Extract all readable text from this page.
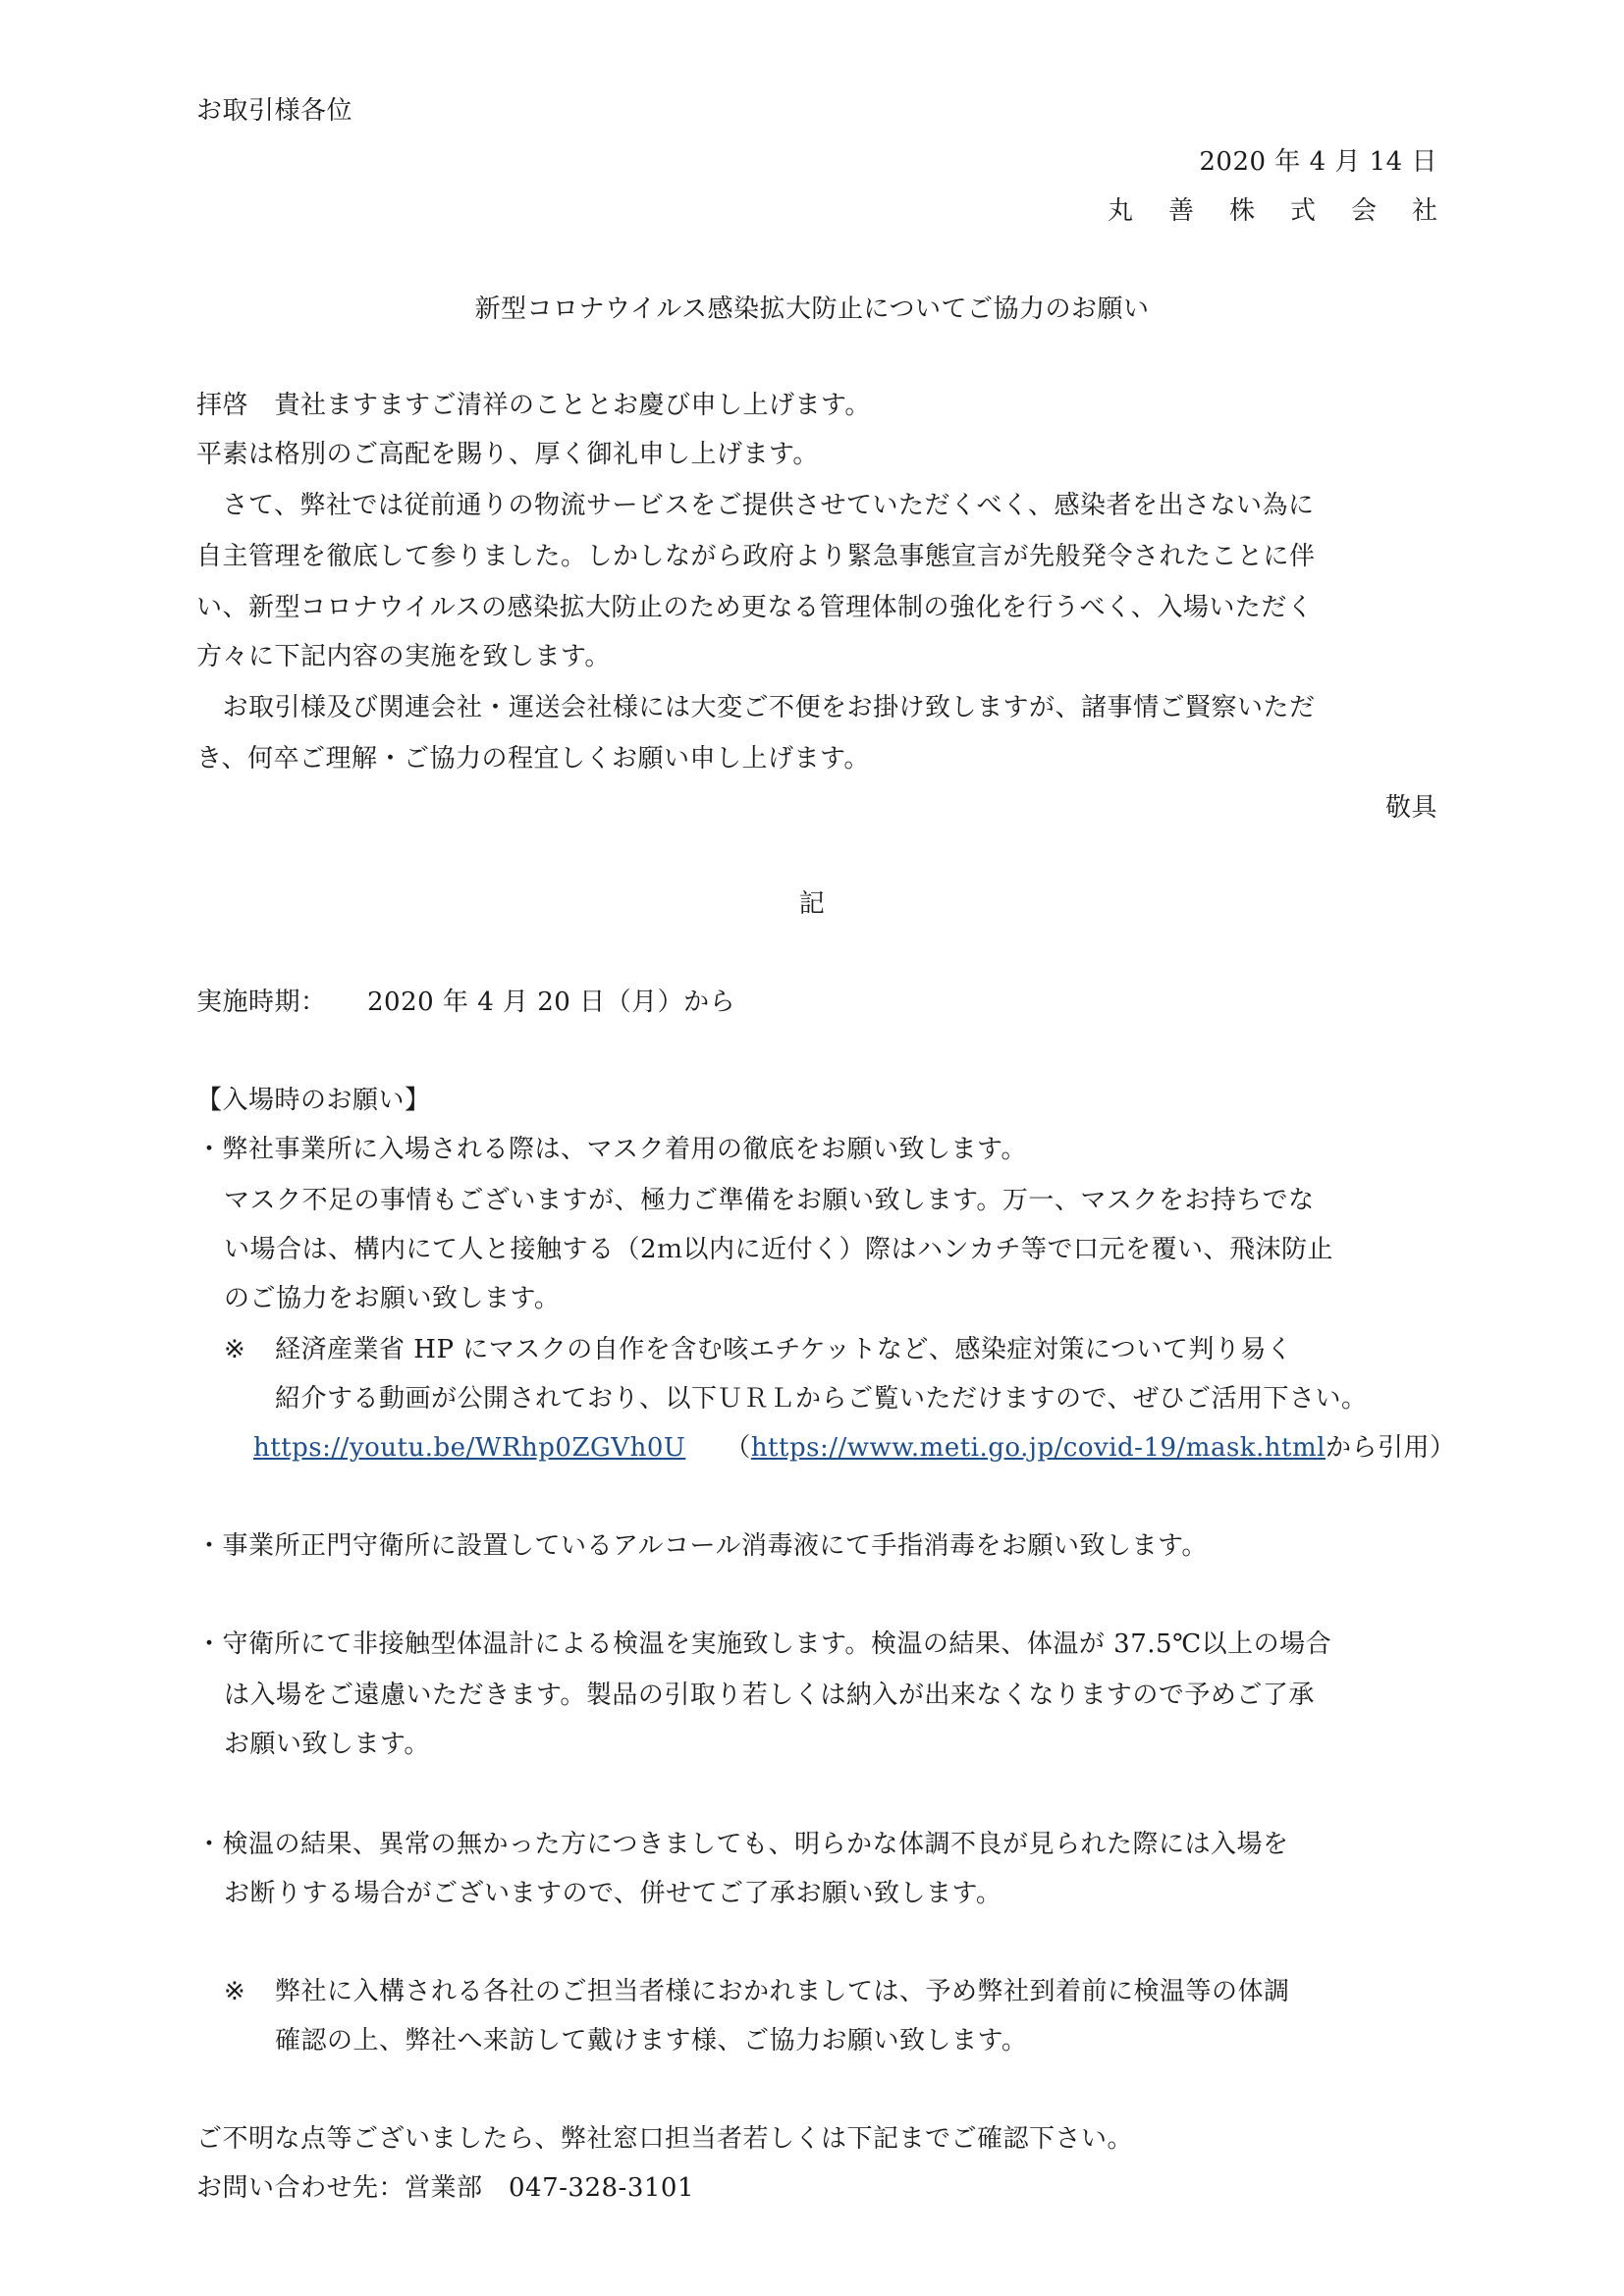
お取引様各位
2020 年 4 月 14 日
丸善株式会社
新型コロナウイルス感染拡大防止についてご協力のお願い
拝啓　貴社ますますご清祥のこととお慶び申し上げます。
平素は格別のご高配を賜り、厚く御礼申し上げます。
　さて、弊社では従前通りの物流サービスをご提供させていただくべく、感染者を出さない為に
自主管理を徹底して参りました。しかしながら政府より緊急事態宣言が先般発令されたことに伴
い、新型コロナウイルスの感染拡大防止のため更なる管理体制の強化を行うべく、入場いただく
方々に下記内容の実施を致します。
　お取引様及び関連会社・運送会社様には大変ご不便をお掛け致しますが、諸事情ご賢察いただ
き、何卒ご理解・ご協力の程宜しくお願い申し上げます。
敬具
記
実施時期： 2020 年 4 月 20 日（月）から
【入場時のお願い】
・弊社事業所に入場される際は、マスク着用の徹底をお願い致します。
マスク不足の事情もございますが、極力ご準備をお願い致します。万一、マスクをお持ちでな
い場合は、構内にて人と接触する（2ｍ以内に近付く）際はハンカチ等で口元を覆い、飛沫防止
のご協力をお願い致します。
※ 経済産業省 HP にマスクの自作を含む咳エチケットなど、感染症対策について判り易く
紹介する動画が公開されており、以下ＵＲＬからご覧いただけますので、ぜひご活用下さい。
https://youtu.be/WRhp0ZGVh0U （https://www.meti.go.jp/covid-19/mask.htmlから引用）
・事業所正門守衛所に設置しているアルコール消毒液にて手指消毒をお願い致します。
・守衛所にて非接触型体温計による検温を実施致します。検温の結果、体温が 37.5℃以上の場合
は入場をご遠慮いただきます。製品の引取り若しくは納入が出来なくなりますので予めご了承
お願い致します。
・検温の結果、異常の無かった方につきましても、明らかな体調不良が見られた際には入場を
お断りする場合がございますので、併せてご了承お願い致します。
※ 弊社に入構される各社のご担当者様におかれましては、予め弊社到着前に検温等の体調
確認の上、弊社へ来訪して戴けます様、ご協力お願い致します。
ご不明な点等ございましたら、弊社窓口担当者若しくは下記までご確認下さい。
お問い合わせ先：営業部　047-328-3101
